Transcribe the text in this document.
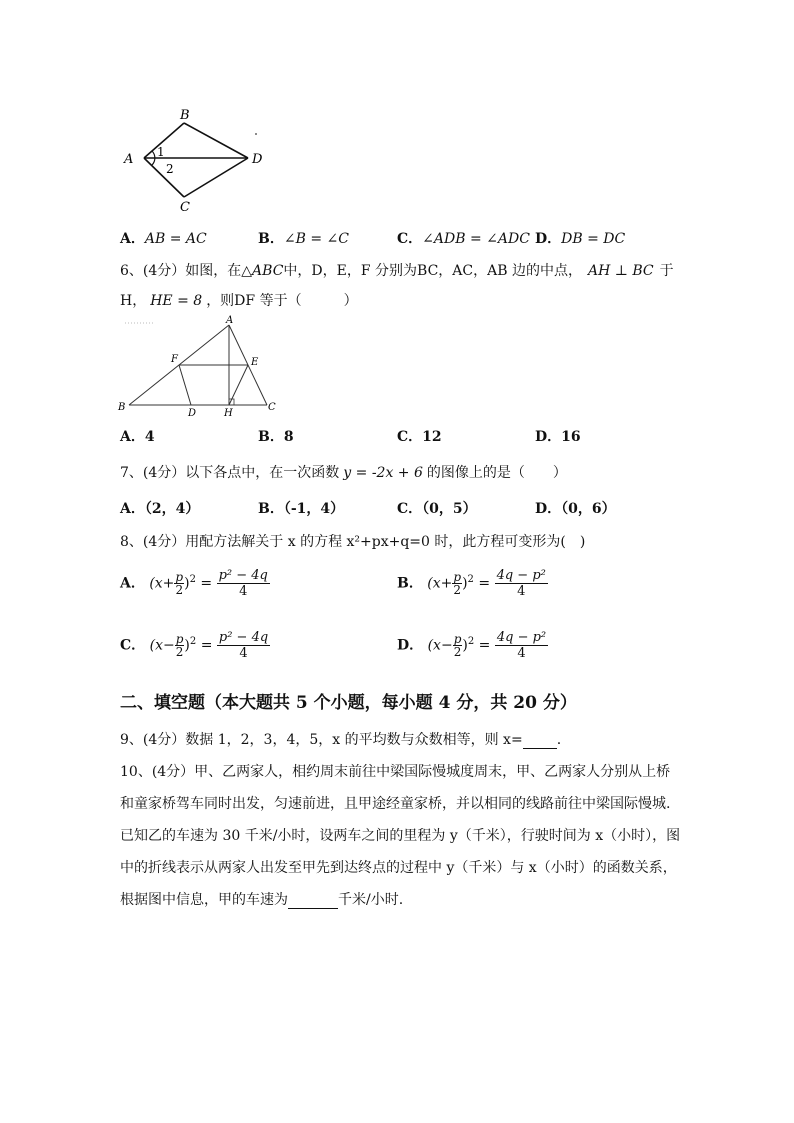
A
B
C
D
1
2
A．AB = AC	B．∠B = ∠C	C．∠ADB = ∠ADC D．DB = DC
6、(4分）如图，在△ABC中，D，E，F 分别为BC，AC，AB 边的中点， AH ⊥ BC 于
H， HE = 8 ，则DF 等于（　　　）
A
B	C
D
E
F
H
A．4	B．8	C．12	D．16
7、(4分）以下各点中，在一次函数 y = -2x + 6 的图像上的是（　　）
A．（2，4）	B．（-1，4）	C．（0，5）	D．（0，6）
8、(4分）用配方法解关于 x 的方程 x²+px+q=0 时，此方程可变形为(　)
A． $(x+ \frac{p}{2} )^2 = \frac{\text{p² − 4q}}{4}$	B． $(x+ \frac{p}{2} )^2 = \frac{\text{4q − p²}}{4}$
C． $(x- \frac{p}{2} )^2 = \frac{\text{p² − 4q}}{4}$	D． $(x- \frac{p}{2} )^2 = \frac{\text{4q − p²}}{4}$
二、填空题（本大题共 5 个小题，每小题 4 分，共 20 分）
9、(4分）数据 1，2，3，4，5，x 的平均数与众数相等，则 x= .
10、(4分）甲、乙两家人，相约周末前往中梁国际慢城度周末，甲、乙两家人分别从上桥
和童家桥驾车同时出发，匀速前进，且甲途经童家桥，并以相同的线路前往中梁国际慢城.
已知乙的车速为 30 千米/小时，设两车之间的里程为 y（千米），行驶时间为 x（小时），图
中的折线表示从两家人出发至甲先到达终点的过程中 y（千米）与 x（小时）的函数关系，
根据图中信息，甲的车速为	千米/小时.
